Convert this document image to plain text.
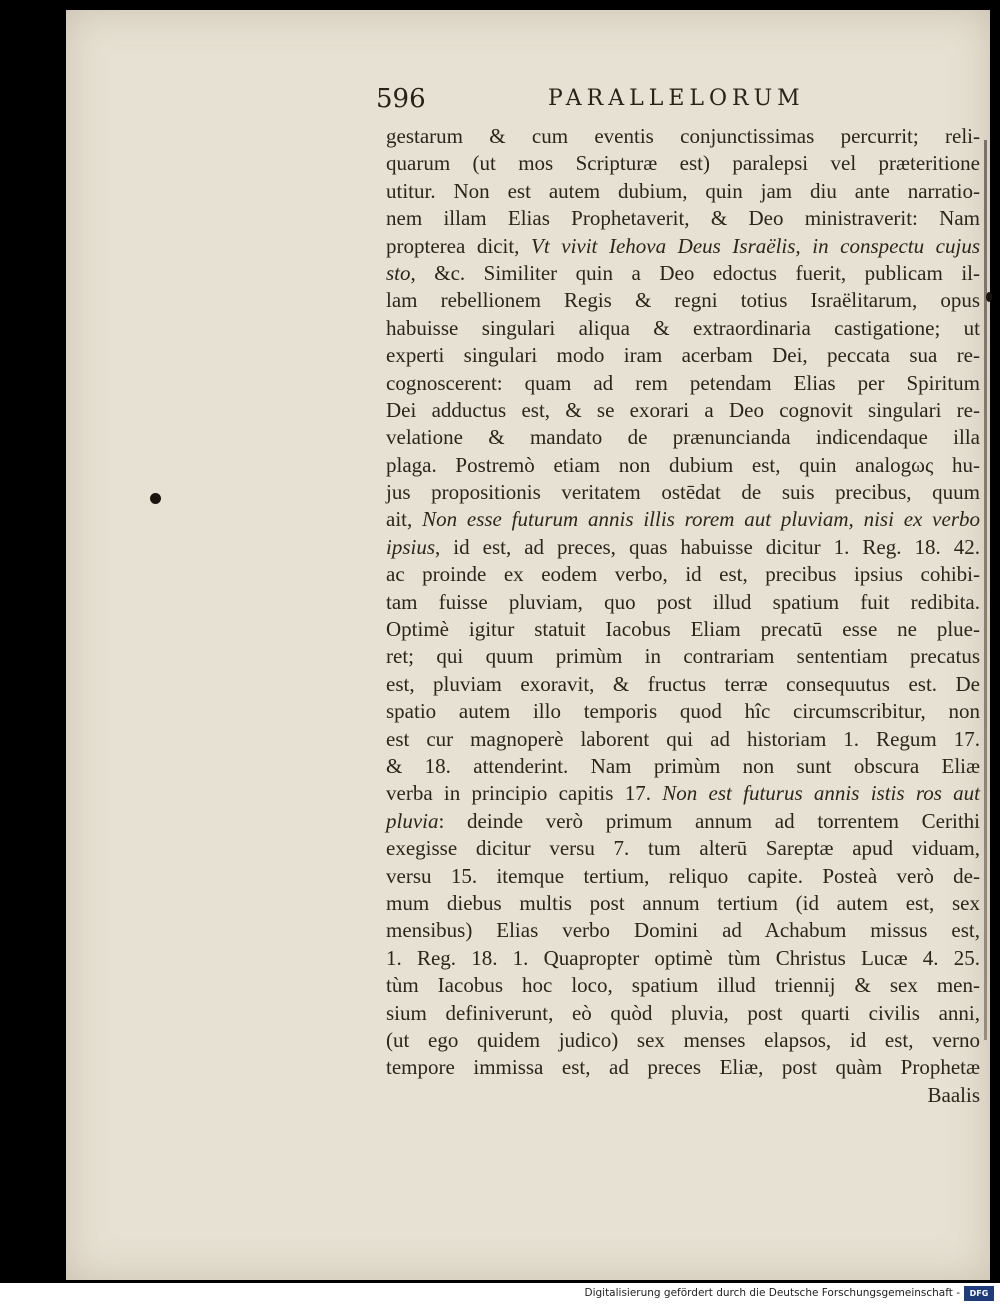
596	PARALLELORUM
gestarum & cum eventis conjunctissimas percurrit; reli-
quarum (ut mos Scripturæ est) paralepsi vel præteritione
utitur. Non est autem dubium, quin jam diu ante narratio-
nem illam Elias Prophetaverit, & Deo ministraverit: Nam
propterea dicit, Vt vivit Iehova Deus Israëlis, in conspectu cujus
sto, &c. Similiter quin a Deo edoctus fuerit, publicam il-
lam rebellionem Regis & regni totius Israëlitarum, opus
habuisse singulari aliqua & extraordinaria castigatione; ut
experti singulari modo iram acerbam Dei, peccata sua re-
cognoscerent: quam ad rem petendam Elias per Spiritum
Dei adductus est, & se exorari a Deo cognovit singulari re-
velatione & mandato de prænuncianda indicendaque illa
plaga. Postremò etiam non dubium est, quin analogως hu-
jus propositionis veritatem ostēdat de suis precibus, quum
ait, Non esse futurum annis illis rorem aut pluviam, nisi ex verbo
ipsius, id est, ad preces, quas habuisse dicitur 1. Reg. 18. 42.
ac proinde ex eodem verbo, id est, precibus ipsius cohibi-
tam fuisse pluviam, quo post illud spatium fuit redibita.
Optimè igitur statuit Iacobus Eliam precatū esse ne plue-
ret; qui quum primùm in contrariam sententiam precatus
est, pluviam exoravit, & fructus terræ consequutus est. De
spatio autem illo temporis quod hîc circumscribitur, non
est cur magnoperè laborent qui ad historiam 1. Regum 17.
& 18. attenderint. Nam primùm non sunt obscura Eliæ
verba in principio capitis 17. Non est futurus annis istis ros aut
pluvia: deinde verò primum annum ad torrentem Cerithi
exegisse dicitur versu 7. tum alterū Sareptæ apud viduam,
versu 15. itemque tertium, reliquo capite. Posteà verò de-
mum diebus multis post annum tertium (id autem est, sex
mensibus) Elias verbo Domini ad Achabum missus est,
1. Reg. 18. 1. Quapropter optimè tùm Christus Lucæ 4. 25.
tùm Iacobus hoc loco, spatium illud triennij & sex men-
sium definiverunt, eò quòd pluvia, post quarti civilis anni,
(ut ego quidem judico) sex menses elapsos, id est, verno
tempore immissa est, ad preces Eliæ, post quàm Prophetæ
Baalis
Digitalisierung gefördert durch die Deutsche Forschungsgemeinschaft -	DFG
